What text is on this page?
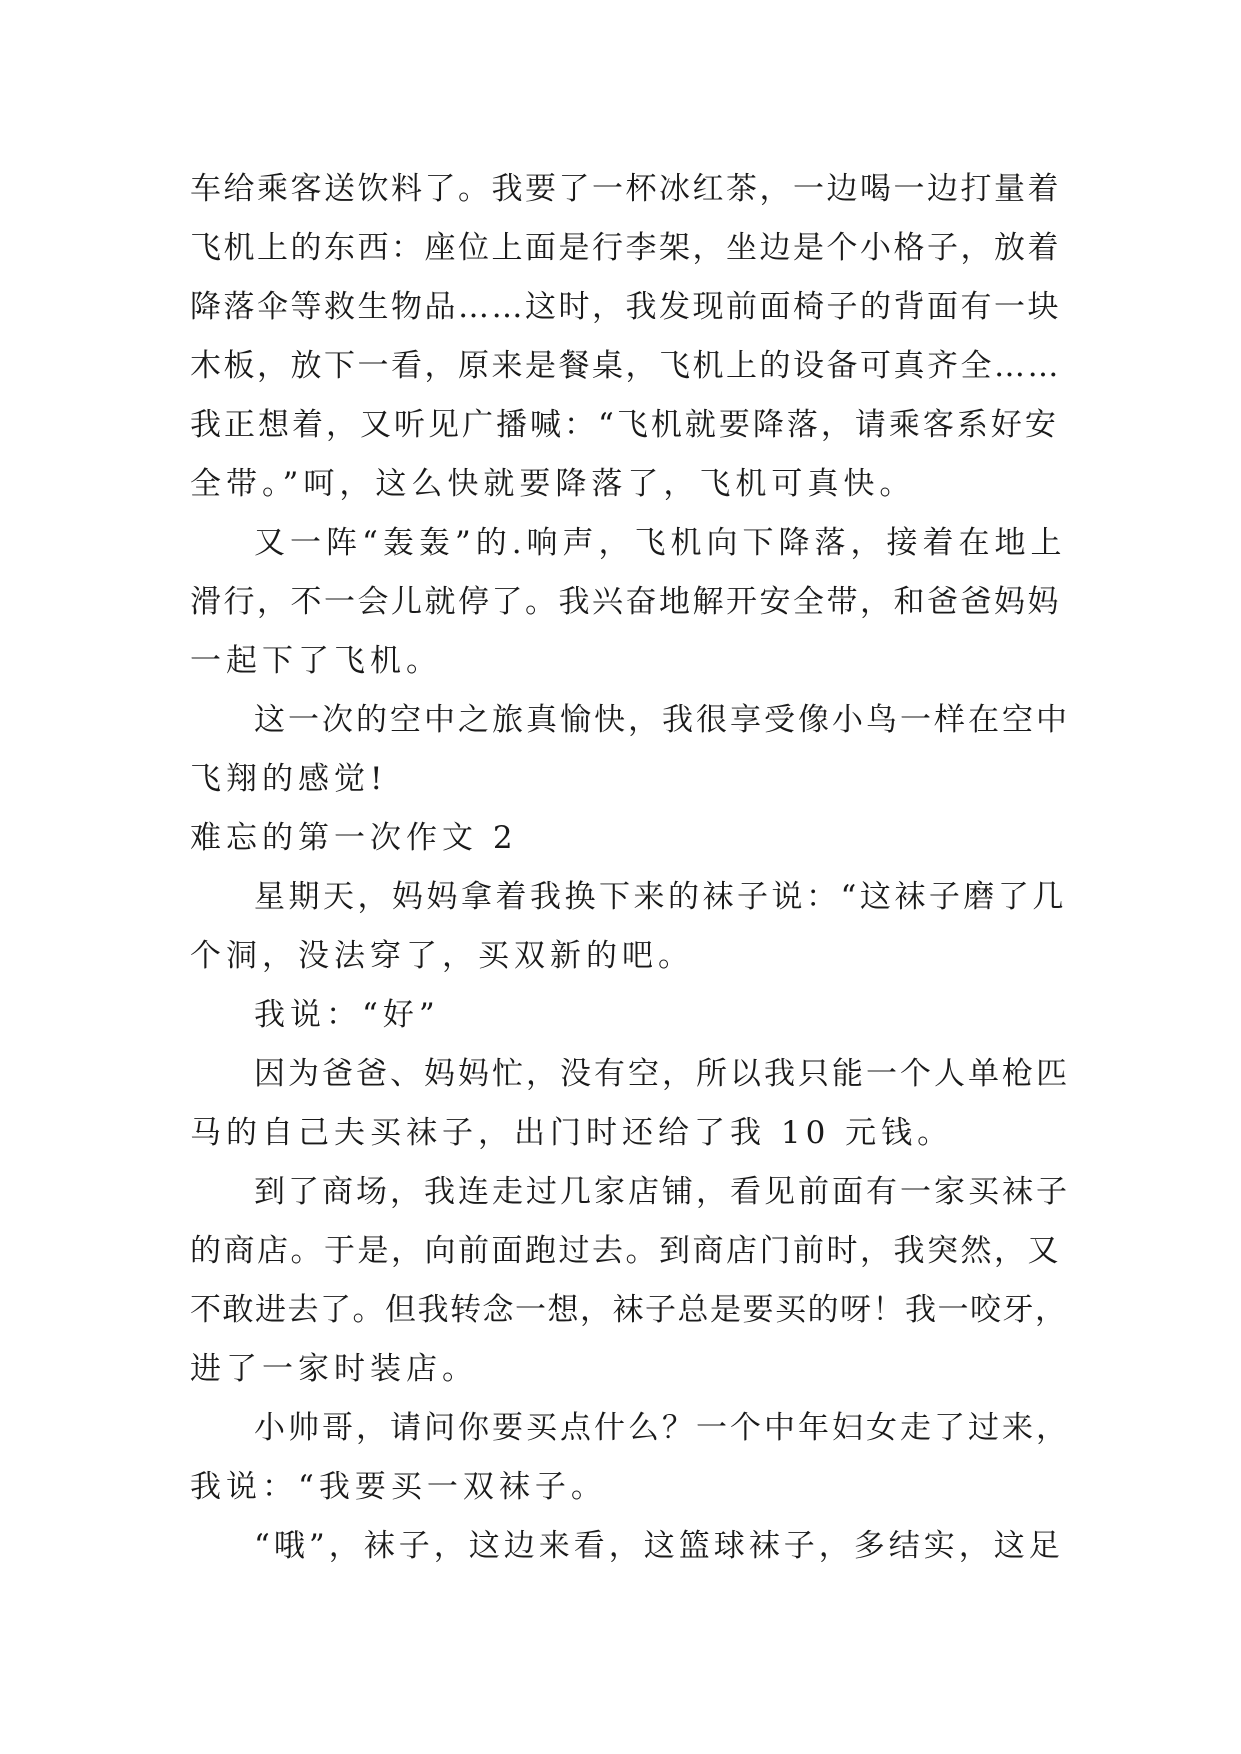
车给乘客送饮料了。我要了一杯冰红茶，一边喝一边打量着
飞机上的东西：座位上面是行李架，坐边是个小格子，放着
降落伞等救生物品……这时，我发现前面椅子的背面有一块
木板，放下一看，原来是餐桌，飞机上的设备可真齐全……
我正想着，又听见广播喊：“飞机就要降落，请乘客系好安
全带。”呵，这么快就要降落了，飞机可真快。
又一阵“轰轰”的.响声，飞机向下降落，接着在地上
滑行，不一会儿就停了。我兴奋地解开安全带，和爸爸妈妈
一起下了飞机。
这一次的空中之旅真愉快，我很享受像小鸟一样在空中
飞翔的感觉!
难忘的第一次作文 2
星期天，妈妈拿着我换下来的袜子说：“这袜子磨了几
个洞，没法穿了，买双新的吧。
我说：“好”
因为爸爸、妈妈忙，没有空，所以我只能一个人单枪匹
马的自己夫买袜子，出门时还给了我 10 元钱。
到了商场，我连走过几家店铺，看见前面有一家买袜子
的商店。于是，向前面跑过去。到商店门前时，我突然，又
不敢进去了。但我转念一想，袜子总是要买的呀！我一咬牙，
进了一家时装店。
小帅哥，请问你要买点什么？一个中年妇女走了过来，
我说：“我要买一双袜子。
“哦”，袜子，这边来看，这篮球袜子，多结实，这足
